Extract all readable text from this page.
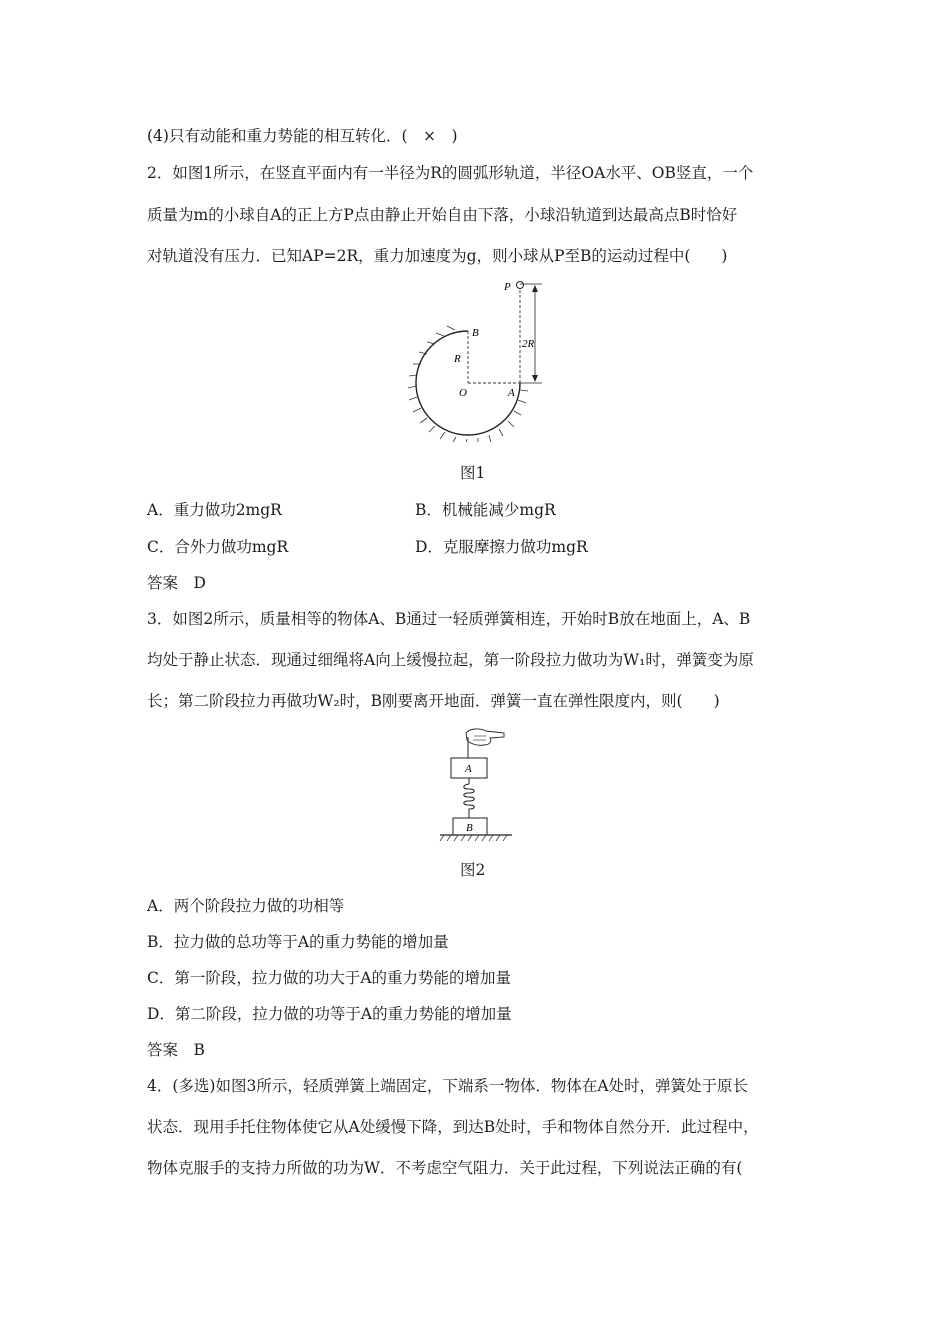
(4)只有动能和重力势能的相互转化．(　×　)
2．如图1所示，在竖直平面内有一半径为R的圆弧形轨道，半径OA水平、OB竖直，一个
质量为m的小球自A的正上方P点由静止开始自由下落，小球沿轨道到达最高点B时恰好
对轨道没有压力．已知AP=2R，重力加速度为g，则小球从P至B的运动过程中(　　)
P
B
R
O	A
2R
图1
A．重力做功2mgR	B．机械能减少mgR
C．合外力做功mgR	D．克服摩擦力做功mgR
答案　D
3．如图2所示，质量相等的物体A、B通过一轻质弹簧相连，开始时B放在地面上，A、B
均处于静止状态．现通过细绳将A向上缓慢拉起，第一阶段拉力做功为W₁时，弹簧变为原
长；第二阶段拉力再做功W₂时，B刚要离开地面．弹簧一直在弹性限度内，则(　　)
A
B
图2
A．两个阶段拉力做的功相等
B．拉力做的总功等于A的重力势能的增加量
C．第一阶段，拉力做的功大于A的重力势能的增加量
D．第二阶段，拉力做的功等于A的重力势能的增加量
答案　B
4．(多选)如图3所示，轻质弹簧上端固定，下端系一物体．物体在A处时，弹簧处于原长
状态．现用手托住物体使它从A处缓慢下降，到达B处时，手和物体自然分开．此过程中，
物体克服手的支持力所做的功为W．不考虑空气阻力．关于此过程，下列说法正确的有(
